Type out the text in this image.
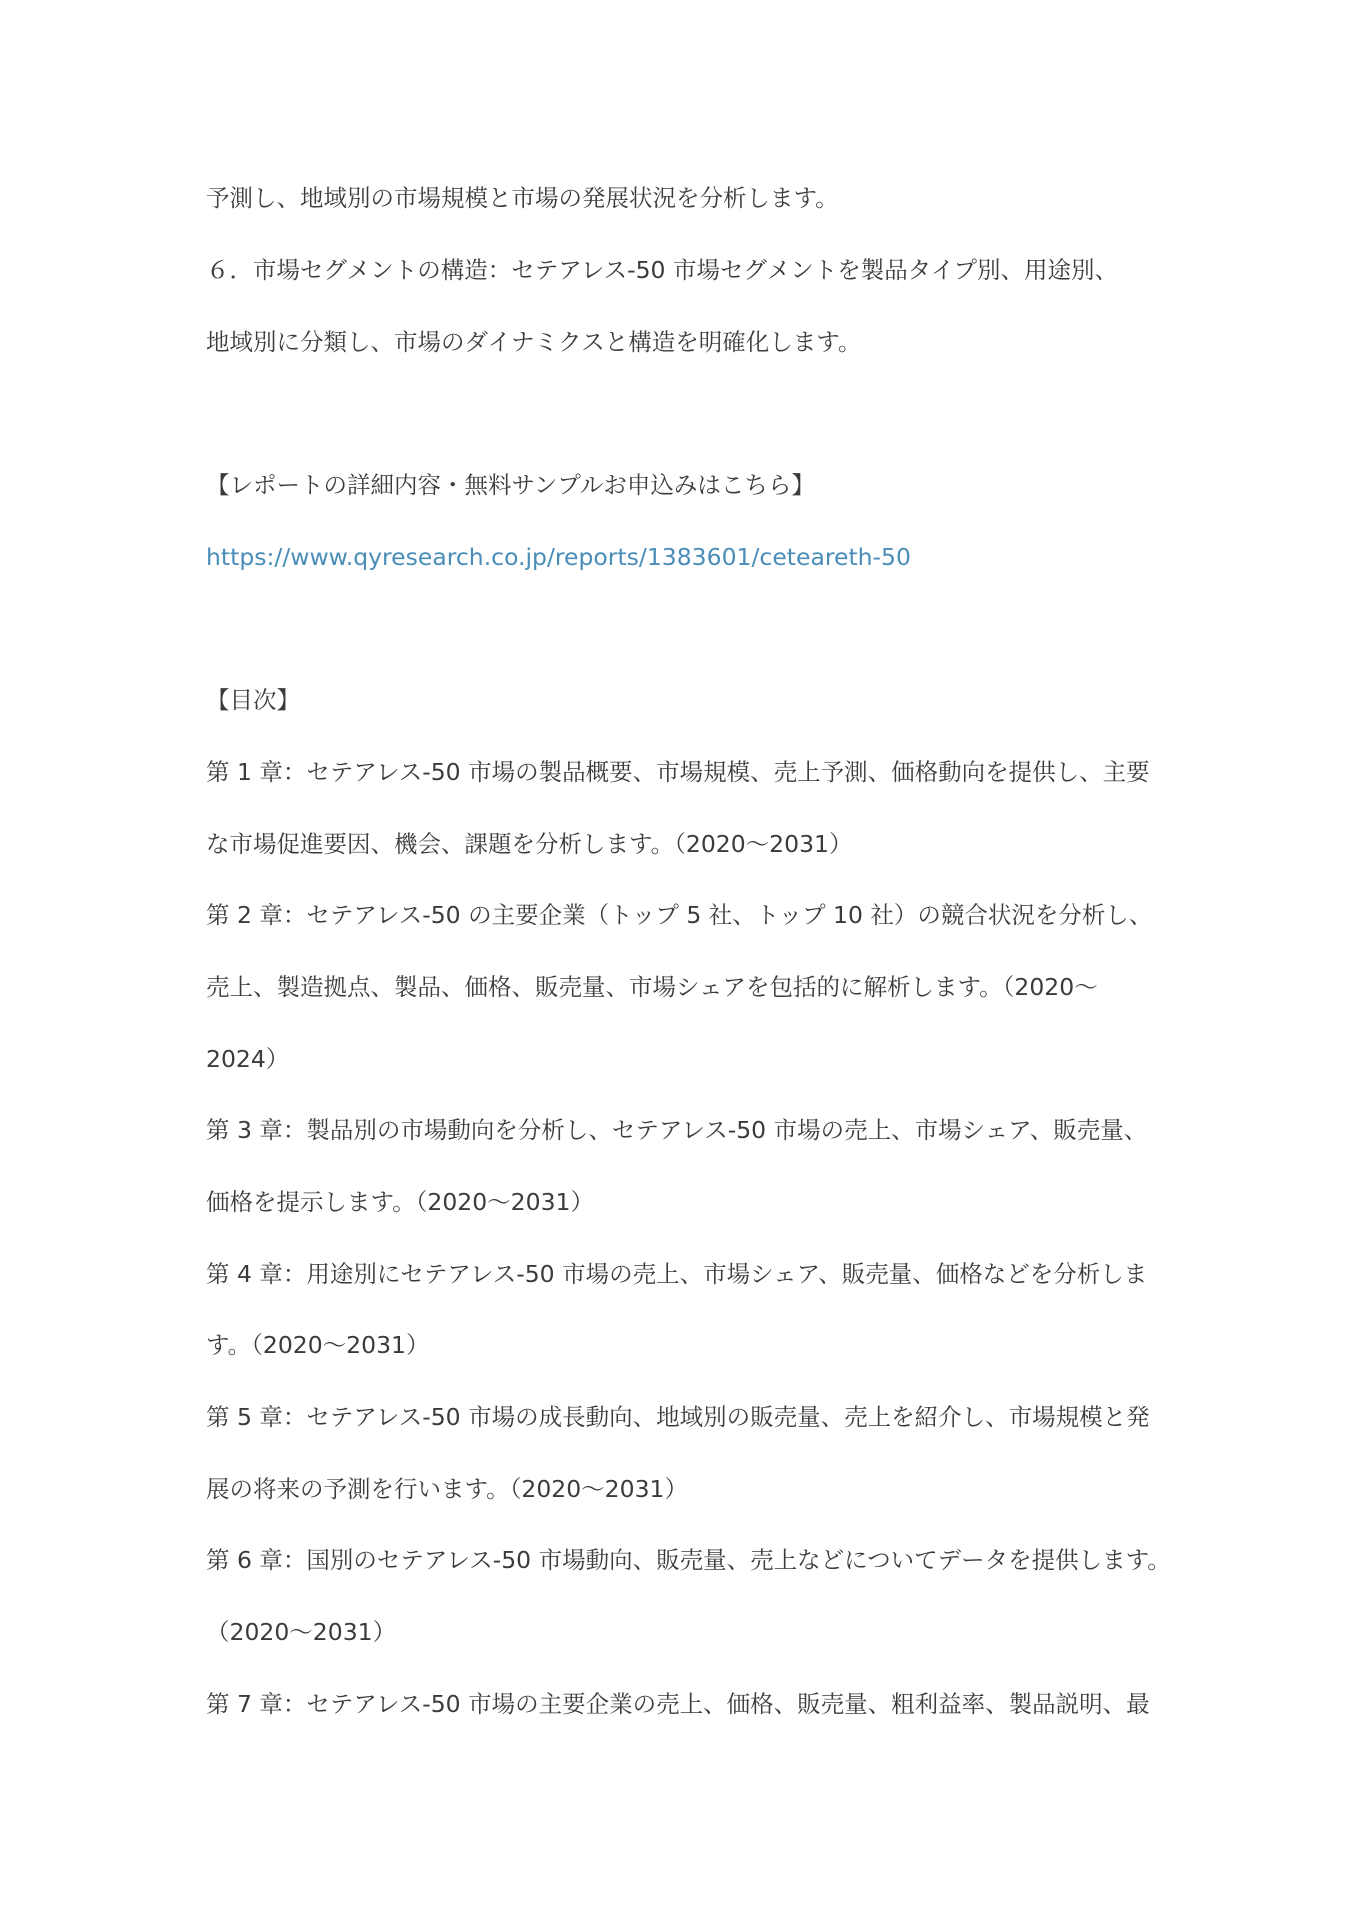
予測し、地域別の市場規模と市場の発展状況を分析します。
６．市場セグメントの構造：セテアレス-50 市場セグメントを製品タイプ別、用途別、
地域別に分類し、市場のダイナミクスと構造を明確化します。
【レポートの詳細内容・無料サンプルお申込みはこちら】
https://www.qyresearch.co.jp/reports/1383601/ceteareth-50
【目次】
第 1 章：セテアレス-50 市場の製品概要、市場規模、売上予測、価格動向を提供し、主要
な市場促進要因、機会、課題を分析します。（2020～2031）
第 2 章：セテアレス-50 の主要企業（トップ 5 社、トップ 10 社）の競合状況を分析し、
売上、製造拠点、製品、価格、販売量、市場シェアを包括的に解析します。（2020～
2024）
第 3 章：製品別の市場動向を分析し、セテアレス-50 市場の売上、市場シェア、販売量、
価格を提示します。（2020～2031）
第 4 章：用途別にセテアレス-50 市場の売上、市場シェア、販売量、価格などを分析しま
す。（2020～2031）
第 5 章：セテアレス-50 市場の成長動向、地域別の販売量、売上を紹介し、市場規模と発
展の将来の予測を行います。（2020～2031）
第 6 章：国別のセテアレス-50 市場動向、販売量、売上などについてデータを提供します。
（2020～2031）
第 7 章：セテアレス-50 市場の主要企業の売上、価格、販売量、粗利益率、製品説明、最
